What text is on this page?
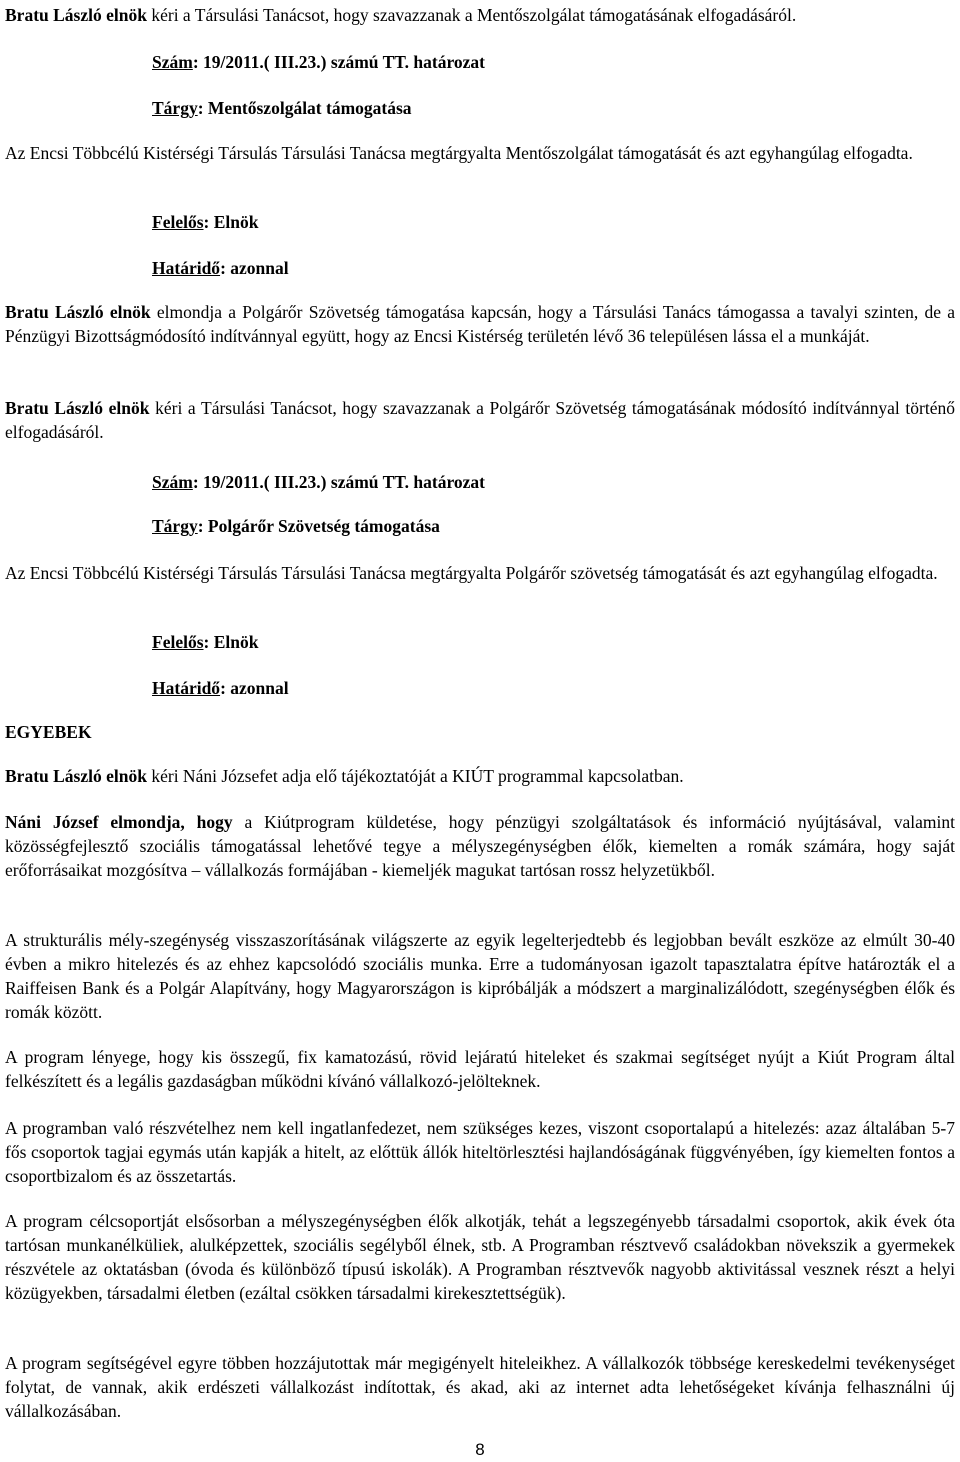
Bratu László elnök kéri a Társulási Tanácsot, hogy szavazzanak a Mentőszolgálat támogatásának elfogadásáról.

Szám: 19/2011.( III.23.) számú TT. határozat

Tárgy: Mentőszolgálat támogatása

Az Encsi Többcélú Kistérségi Társulás Társulási Tanácsa megtárgyalta Mentőszolgálat támogatását és azt egyhangúlag elfogadta.

Felelős: Elnök

Határidő: azonnal

Bratu László elnök elmondja a Polgárőr Szövetség támogatása kapcsán, hogy a Társulási Tanács támogassa a tavalyi szinten, de a Pénzügyi Bizottságmódosító indítvánnyal együtt, hogy az Encsi Kistérség területén lévő 36 településen lássa el a munkáját.

Bratu László elnök kéri a Társulási Tanácsot, hogy szavazzanak a Polgárőr Szövetség támogatásának módosító indítvánnyal történő elfogadásáról.

Szám: 19/2011.( III.23.) számú TT. határozat

Tárgy: Polgárőr Szövetség támogatása

Az Encsi Többcélú Kistérségi Társulás Társulási Tanácsa megtárgyalta Polgárőr szövetség támogatását és azt egyhangúlag elfogadta.

Felelős: Elnök

Határidő: azonnal

EGYEBEK

Bratu László elnök kéri Náni Józsefet adja elő tájékoztatóját a KIÚT programmal kapcsolatban.

Náni József elmondja, hogy a Kiútprogram küldetése, hogy pénzügyi szolgáltatások és információ nyújtásával, valamint közösségfejlesztő szociális támogatással lehetővé tegye a mélyszegénységben élők, kiemelten a romák számára, hogy saját erőforrásaikat mozgósítva – vállalkozás formájában - kiemeljék magukat tartósan rossz helyzetükből.

A strukturális mély-szegénység visszaszorításának világszerte az egyik legelterjedtebb és legjobban bevált eszköze az elmúlt 30-40 évben a mikro hitelezés és az ehhez kapcsolódó szociális munka. Erre a tudományosan igazolt tapasztalatra építve határozták el a Raiffeisen Bank és a Polgár Alapítvány, hogy Magyarországon is kipróbálják a módszert a marginalizálódott, szegénységben élők és romák között.

A program lényege, hogy kis összegű, fix kamatozású, rövid lejáratú hiteleket és szakmai segítséget nyújt a Kiút Program által felkészített és a legális gazdaságban működni kívánó vállalkozó-jelölteknek.

A programban való részvételhez nem kell ingatlanfedezet, nem szükséges kezes, viszont csoportalapú a hitelezés: azaz általában 5-7 fős csoportok tagjai egymás után kapják a hitelt, az előttük állók hiteltörlesztési hajlandóságának függvényében, így kiemelten fontos a csoportbizalom és az összetartás.

A program célcsoportját elsősorban a mélyszegénységben élők alkotják, tehát a legszegényebb társadalmi csoportok, akik évek óta tartósan munkanélküliek, alulképzettek, szociális segélyből élnek, stb. A Programban résztvevő családokban növekszik a gyermekek részvétele az oktatásban (óvoda és különböző típusú iskolák). A Programban résztvevők nagyobb aktivitással vesznek részt a helyi közügyekben, társadalmi életben (ezáltal csökken társadalmi kirekesztettségük).

A program segítségével egyre többen hozzájutottak már megigényelt hiteleikhez. A vállalkozók többsége kereskedelmi tevékenységet folytat, de vannak, akik erdészeti vállalkozást indítottak, és akad, aki az internet adta lehetőségeket kívánja felhasználni új vállalkozásában.

8
